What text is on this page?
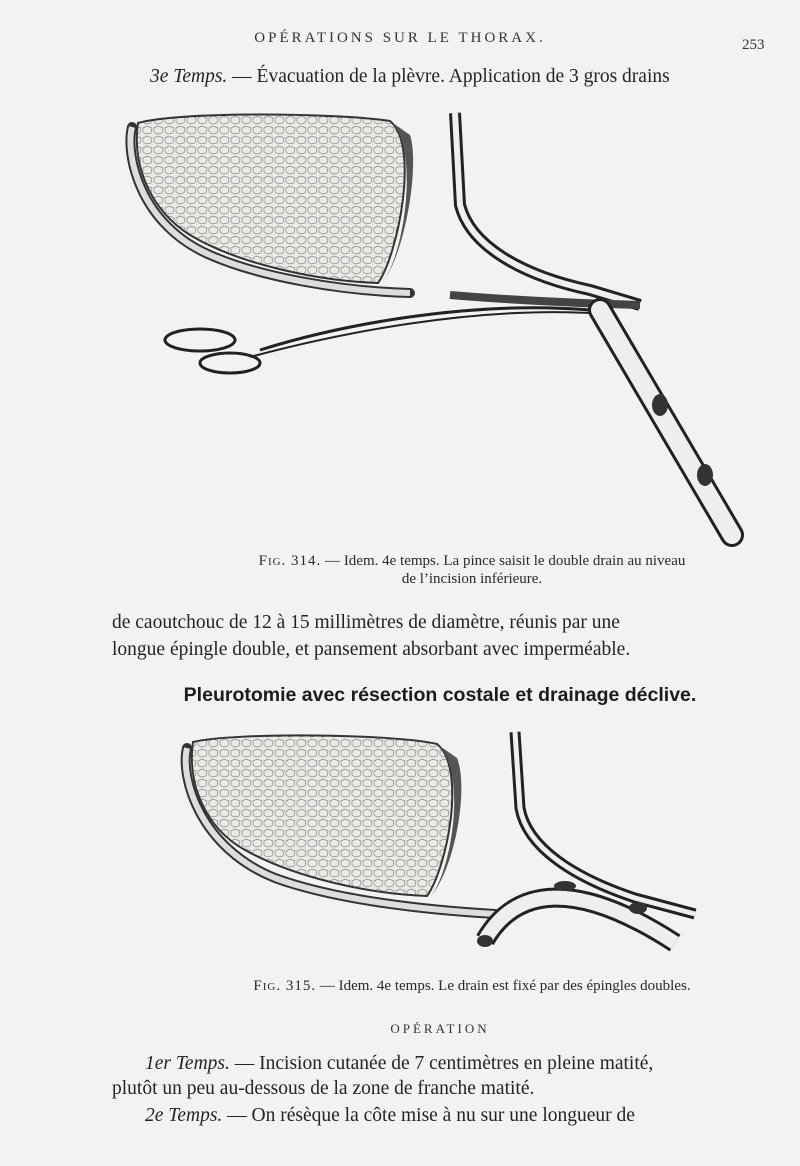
OPÉRATIONS SUR LE THORAX.	253
3e Temps. — Évacuation de la plèvre. Application de 3 gros drains
Fig. 314. — Idem. 4e temps. La pince saisit le double drain au niveau
de l’incision inférieure.
de caoutchouc de 12 à 15 millimètres de diamètre, réunis par une
longue épingle double, et pansement absorbant avec imperméable.
Pleurotomie avec résection costale et drainage déclive.
Fig. 315. — Idem. 4e temps. Le drain est fixé par des épingles doubles.
OPÉRATION
1er Temps. — Incision cutanée de 7 centimètres en pleine matité,
plutôt un peu au-dessous de la zone de franche matité.
2e Temps. — On résèque la côte mise à nu sur une longueur de
